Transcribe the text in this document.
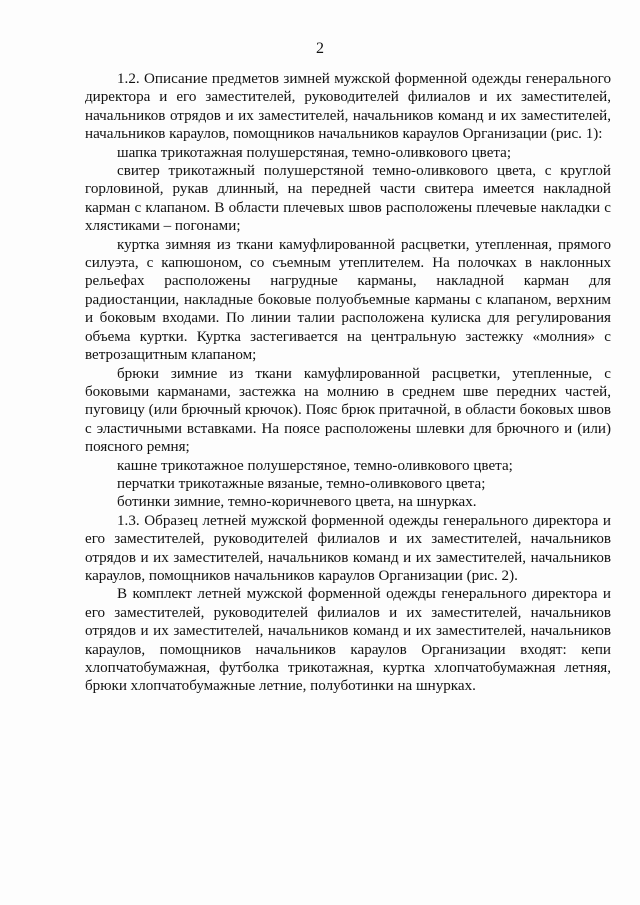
2

1.2. Описание предметов зимней мужской форменной одежды генерального директора и его заместителей, руководителей филиалов и их заместителей, начальников отрядов и их заместителей, начальников команд и их заместителей, начальников караулов, помощников начальников караулов Организации (рис. 1):

шапка трикотажная полушерстяная, темно-оливкового цвета;

свитер трикотажный полушерстяной темно-оливкового цвета, с круглой горловиной, рукав длинный, на передней части свитера имеется накладной карман с клапаном. В области плечевых швов расположены плечевые накладки с хлястиками – погонами;

куртка зимняя из ткани камуфлированной расцветки, утепленная, прямого силуэта, с капюшоном, со съемным утеплителем. На полочках в наклонных рельефах расположены нагрудные карманы, накладной карман для радиостанции, накладные боковые полуобъемные карманы с клапаном, верхним и боковым входами. По линии талии расположена кулиска для регулирования объема куртки. Куртка застегивается на центральную застежку «молния» с ветрозащитным клапаном;

брюки зимние из ткани камуфлированной расцветки, утепленные, с боковыми карманами, застежка на молнию в среднем шве передних частей, пуговицу (или брючный крючок). Пояс брюк притачной, в области боковых швов с эластичными вставками. На поясе расположены шлевки для брючного и (или) поясного ремня;

кашне трикотажное полушерстяное, темно-оливкового цвета;

перчатки трикотажные вязаные, темно-оливкового цвета;

ботинки зимние, темно-коричневого цвета, на шнурках.

1.3. Образец летней мужской форменной одежды генерального директора и его заместителей, руководителей филиалов и их заместителей, начальников отрядов и их заместителей, начальников команд и их заместителей, начальников караулов, помощников начальников караулов Организации (рис. 2).

В комплект летней мужской форменной одежды генерального директора и его заместителей, руководителей филиалов и их заместителей, начальников отрядов и их заместителей, начальников команд и их заместителей, начальников караулов, помощников начальников караулов Организации входят: кепи хлопчатобумажная, футболка трикотажная, куртка хлопчатобумажная летняя, брюки хлопчатобумажные летние, полуботинки на шнурках.
